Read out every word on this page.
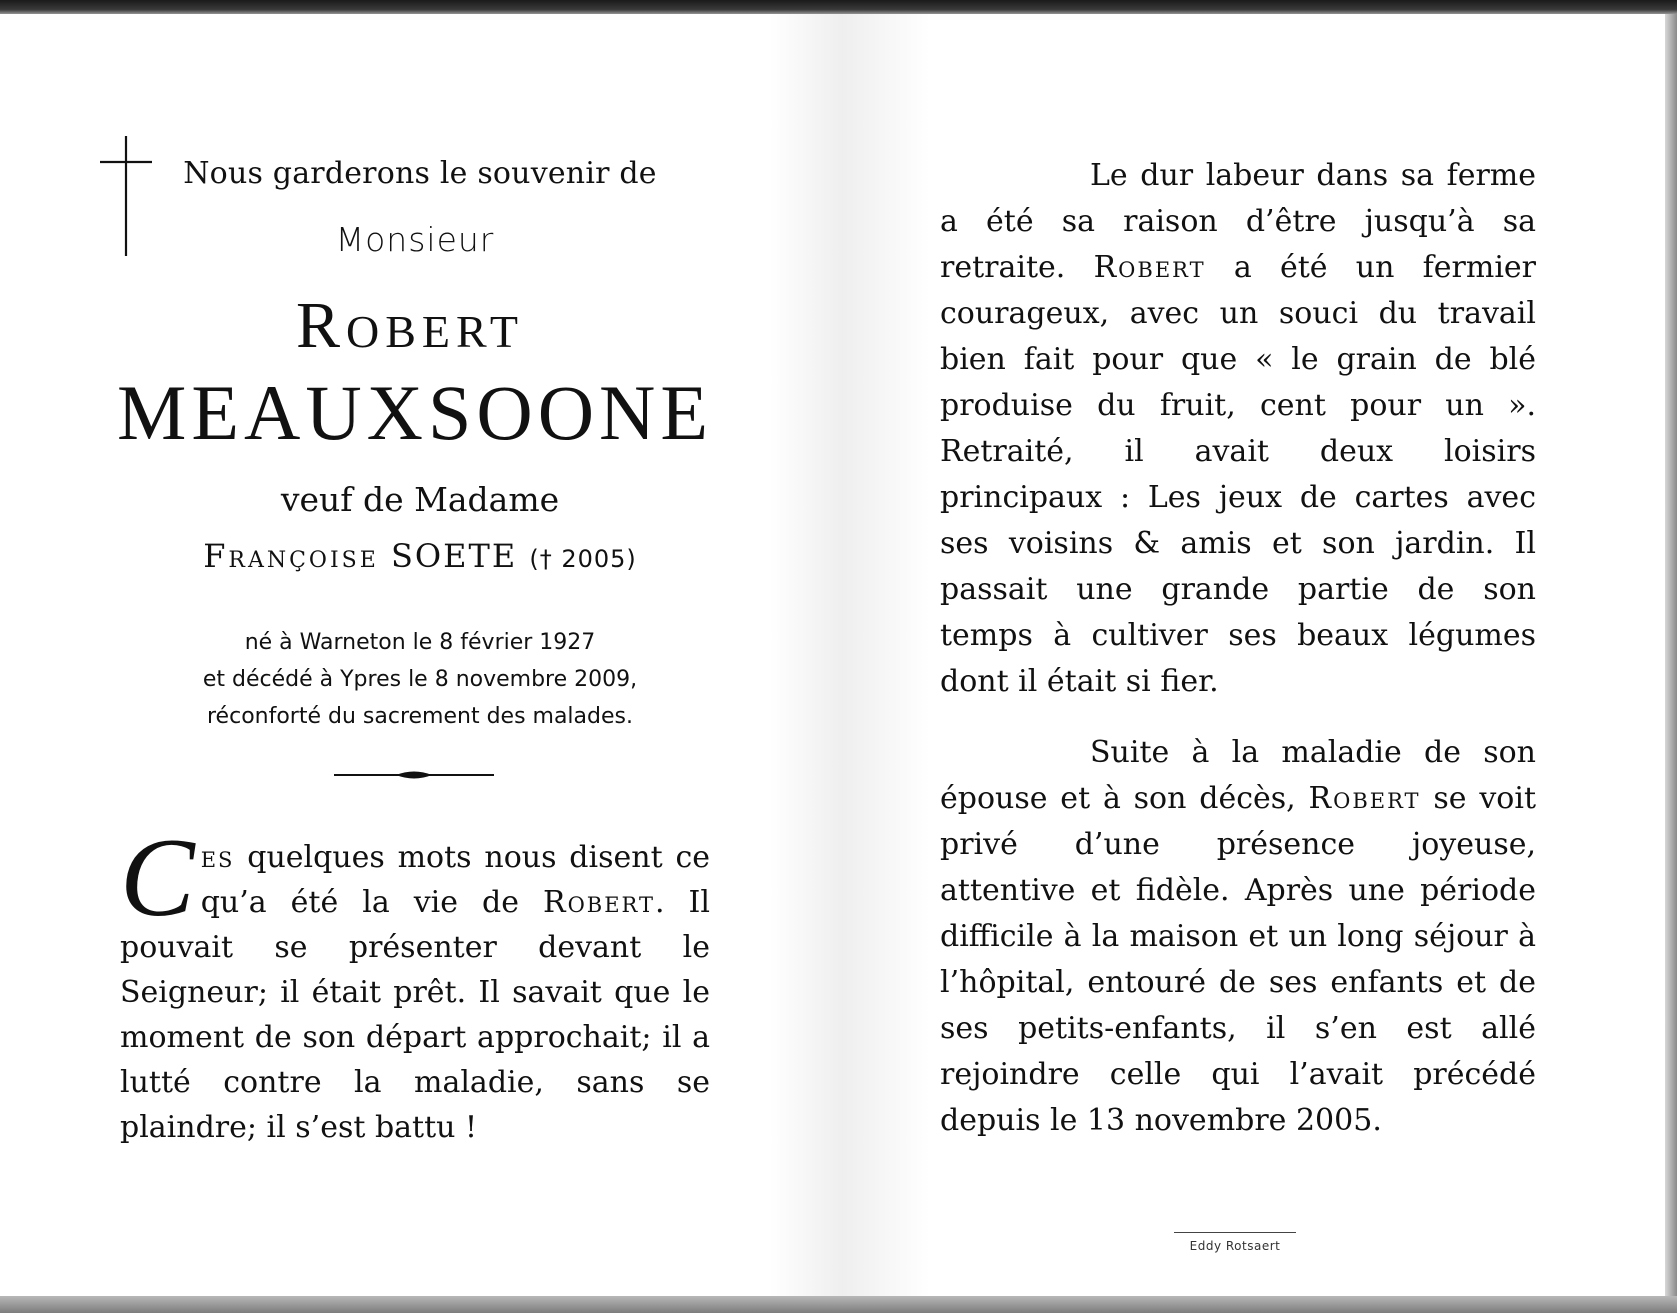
Nous garderons le souvenir de
Monsieur
Robert
MEAUXSOONE
veuf de Madame
Françoise SOETE († 2005)
né à Warneton le 8 février 1927
et décédé à Ypres le 8 novembre 2009,
réconforté du sacrement des malades.
Ces quelques mots nous disent ce qu’a été la vie de Robert. Il pouvait se présenter devant le Seigneur; il était prêt. Il savait que le moment de son départ approchait; il a lutté contre la maladie, sans se plaindre; il s’est battu !
Le dur labeur dans sa ferme a été sa raison d’être jusqu’à sa retraite. Robert a été un fermier courageux, avec un souci du travail bien fait pour que « le grain de blé produise du fruit, cent pour un ». Retraité, il avait deux loisirs principaux : Les jeux de cartes avec ses voisins & amis et son jardin. Il passait une grande partie de son temps à cultiver ses beaux légumes dont il était si fier.
Suite à la maladie de son épouse et à son décès, Robert se voit privé d’une présence joyeuse, attentive et fidèle. Après une période difficile à la maison et un long séjour à l’hôpital, entouré de ses enfants et de ses petits-enfants, il s’en est allé rejoindre celle qui l’avait précédé depuis le 13 novembre 2005.
Eddy Rotsaert
